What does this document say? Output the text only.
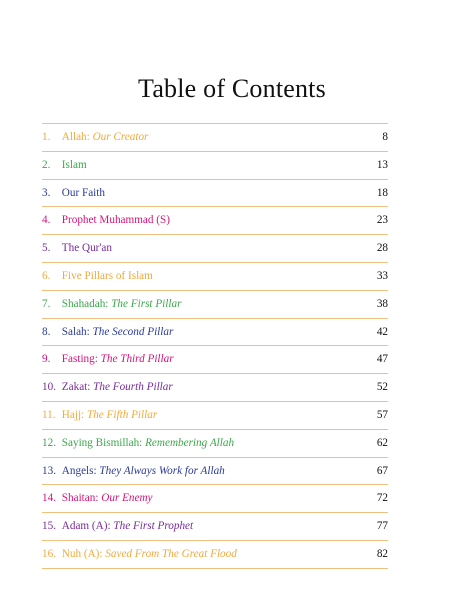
Table of Contents
1. Allah: Our Creator	8
2. Islam	13
3. Our Faith	18
4. Prophet Muhammad (S)	23
5. The Qur'an	28
6. Five Pillars of Islam	33
7. Shahadah: The First Pillar	38
8. Salah: The Second Pillar	42
9. Fasting: The Third Pillar	47
10. Zakat: The Fourth Pillar	52
11. Hajj: The Fifth Pillar	57
12. Saying Bismillah: Remembering Allah	62
13. Angels: They Always Work for Allah	67
14. Shaitan: Our Enemy	72
15. Adam (A): The First Prophet	77
16. Nuh (A): Saved From The Great Flood	82
